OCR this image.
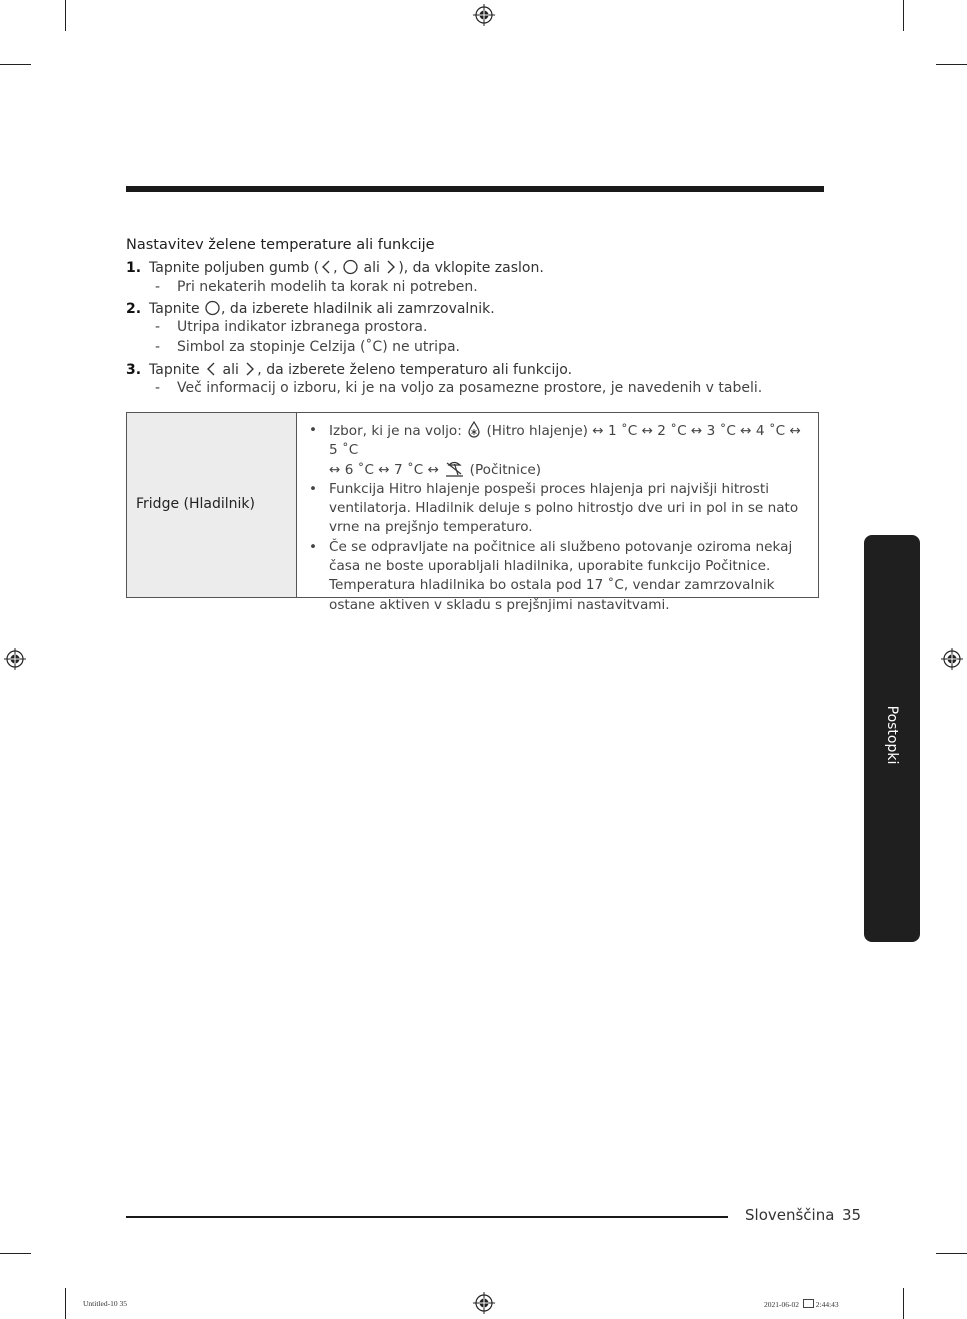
Nastavitev želene temperature ali funkcije
1. Tapnite poljuben gumb ( , ali ), da vklopite zaslon.
- Pri nekaterih modelih ta korak ni potreben.
2. Tapnite , da izberete hladilnik ali zamrzovalnik.
- Utripa indikator izbranega prostora.
- Simbol za stopinje Celzija (˚C) ne utripa.
3. Tapnite ali , da izberete želeno temperaturo ali funkcijo.
- Več informacij o izboru, ki je na voljo za posamezne prostore, je navedenih v tabeli.
Fridge (Hladilnik)
• Izbor, ki je na voljo: (Hitro hlajenje) ↔ 1 ˚C ↔ 2 ˚C ↔ 3 ˚C ↔ 4 ˚C ↔ 5 ˚C
↔ 6 ˚C ↔ 7 ˚C ↔ (Počitnice)
• Funkcija Hitro hlajenje pospeši proces hlajenja pri najvišji hitrosti ventilatorja. Hladilnik deluje s polno hitrostjo dve uri in pol in se nato vrne na prejšnjo temperaturo.
• Če se odpravljate na počitnice ali službeno potovanje oziroma nekaj časa ne boste uporabljali hladilnika, uporabite funkcijo Počitnice. Temperatura hladilnika bo ostala pod 17 ˚C, vendar zamrzovalnik ostane aktiven v skladu s prejšnjimi nastavitvami.
Postopki
Slovenščina 35
Untitled-10 35	2021-06-02 2:44:43
